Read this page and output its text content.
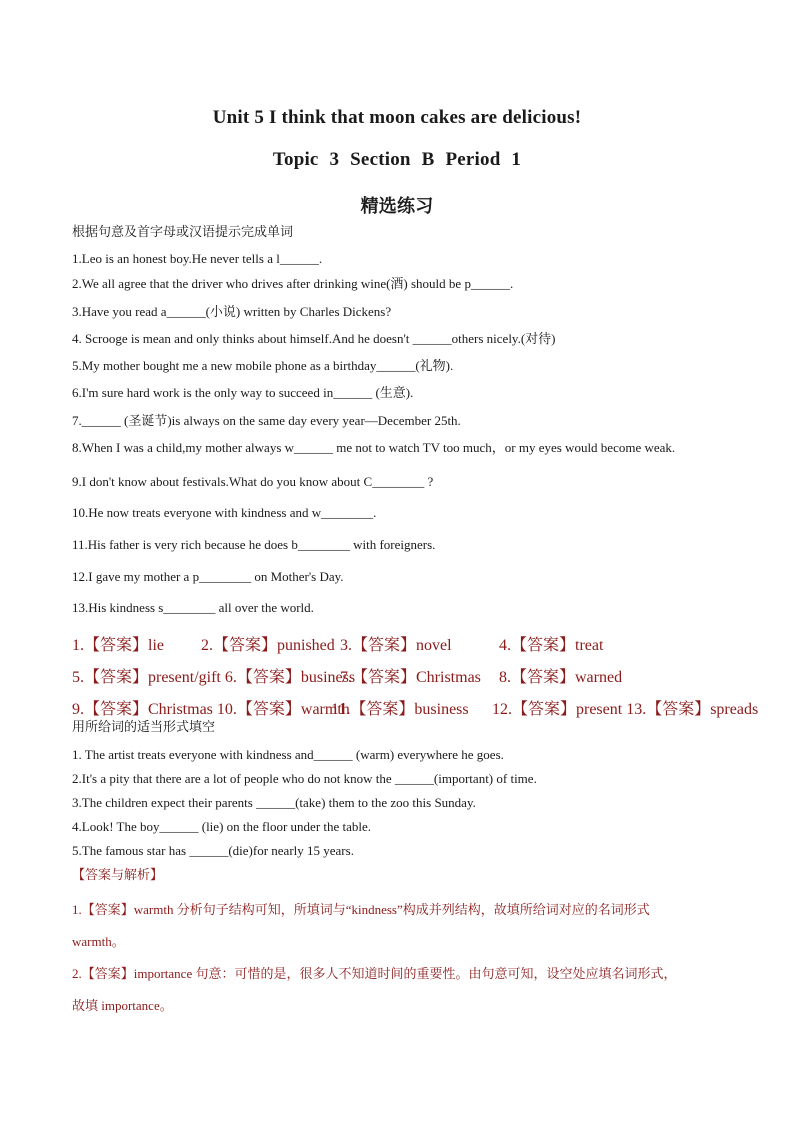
Unit 5 I think that moon cakes are delicious!
Topic 3 Section B Period 1
精选练习
根据句意及首字母或汉语提示完成单词
1.Leo is an honest boy.He never tells a l______.
2.We all agree that the driver who drives after drinking wine(酒) should be p______.
3.Have you read a______(小说) written by Charles Dickens?
4. Scrooge is mean and only thinks about himself.And he doesn't ______others nicely.(对待)
5.My mother bought me a new mobile phone as a birthday______(礼物).
6.I'm sure hard work is the only way to succeed in______ (生意).
7.______ (圣诞节)is always on the same day every year—December 25th.
8.When I was a child,my mother always w______ me not to watch TV too much，or my eyes would become weak.
9.I don't know about festivals.What do you know about C________ ?
10.He now treats everyone with kindness and w________.
11.His father is very rich because he does b________ with foreigners.
12.I gave my mother a p________ on Mother's Day.
13.His kindness s________ all over the world.
1.【答案】lie 2.【答案】punished 3.【答案】novel	4.【答案】treat
5.【答案】present/gift 6.【答案】business
7.【答案】Christmas 8.【答案】warned
9.【答案】Christmas 10.【答案】warmth
11.【答案】business 12.【答案】present 13.【答案】spreads
用所给词的适当形式填空
1. The artist treats everyone with kindness and______ (warm) everywhere he goes.
2.It's a pity that there are a lot of people who do not know the ______(important) of time.
3.The children expect their parents ______(take) them to the zoo this Sunday.
4.Look! The boy______ (lie) on the floor under the table.
5.The famous star has ______(die)for nearly 15 years.
【答案与解析】
1.【答案】warmth 分析句子结构可知，所填词与“kindness”构成并列结构，故填所给词对应的名词形式
warmth。
2.【答案】importance 句意：可惜的是，很多人不知道时间的重要性。由句意可知，设空处应填名词形式，
故填 importance。
